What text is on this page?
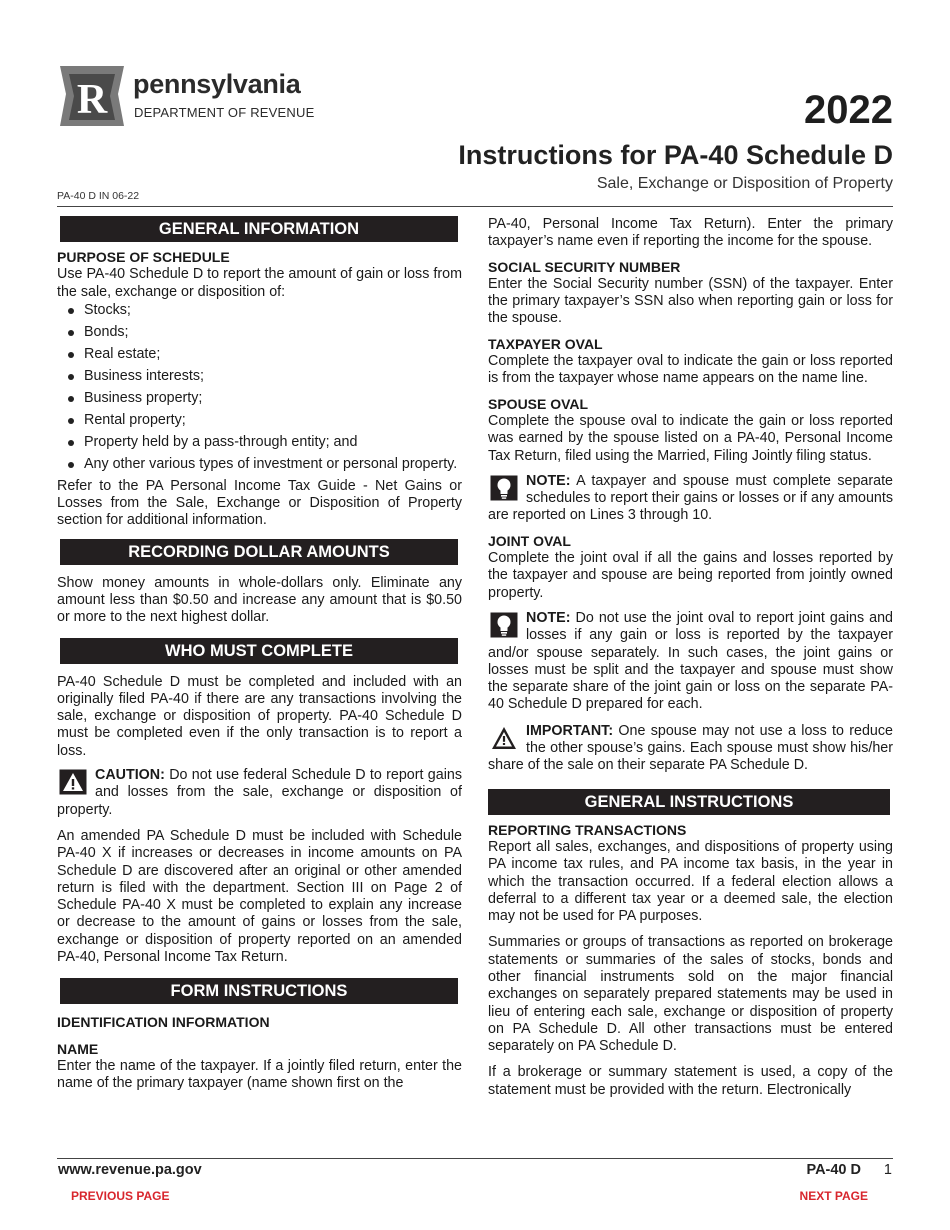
R pennsylvania
DEPARTMENT OF REVENUE	2022
Instructions for PA-40 Schedule D
Sale, Exchange or Disposition of Property
PA-40 D IN 06-22
GENERAL INFORMATION
PURPOSE OF SCHEDULE

Use PA-40 Schedule D to report the amount of gain or loss from the sale, exchange or disposition of:

Stocks;
Bonds;
Real estate;
Business interests;
Business property;
Rental property;
Property held by a pass-through entity; and
Any other various types of investment or personal property.

Refer to the PA Personal Income Tax Guide - Net Gains or Losses from the Sale, Exchange or Disposition of Property section for additional information.

RECORDING DOLLAR AMOUNTS

Show money amounts in whole-dollars only. Eliminate any amount less than $0.50 and increase any amount that is $0.50 or more to the next highest dollar.

WHO MUST COMPLETE

PA-40 Schedule D must be completed and included with an originally filed PA-40 if there are any transactions involving the sale, exchange or disposition of property. PA-40 Schedule D must be completed even if the only transaction is to report a loss.

CAUTION: Do not use federal Schedule D to report gains and losses from the sale, exchange or disposition of property.

An amended PA Schedule D must be included with Schedule PA-40 X if increases or decreases in income amounts on PA Schedule D are discovered after an original or other amended return is filed with the department. Section III on Page 2 of Schedule PA-40 X must be completed to explain any increase or decrease to the amount of gains or losses from the sale, exchange or disposition of property reported on an amended PA-40, Personal Income Tax Return.

FORM INSTRUCTIONS
IDENTIFICATION INFORMATION
NAME

Enter the name of the taxpayer. If a jointly filed return, enter the name of the primary taxpayer (name shown first on the

PA-40, Personal Income Tax Return). Enter the primary taxpayer’s name even if reporting the income for the spouse.

SOCIAL SECURITY NUMBER

Enter the Social Security number (SSN) of the taxpayer. Enter the primary taxpayer’s SSN also when reporting gain or loss for the spouse.

TAXPAYER OVAL

Complete the taxpayer oval to indicate the gain or loss reported is from the taxpayer whose name appears on the name line.

SPOUSE OVAL

Complete the spouse oval to indicate the gain or loss reported was earned by the spouse listed on a PA-40, Personal Income Tax Return, filed using the Married, Filing Jointly filing status.

NOTE: A taxpayer and spouse must complete separate schedules to report their gains or losses or if any amounts are reported on Lines 3 through 10.

JOINT OVAL

Complete the joint oval if all the gains and losses reported by the taxpayer and spouse are being reported from jointly owned property.

NOTE: Do not use the joint oval to report joint gains and losses if any gain or loss is reported by the taxpayer and/or spouse separately. In such cases, the joint gains or losses must be split and the taxpayer and spouse must show the separate share of the joint gain or loss on the separate PA-40 Schedule D prepared for each.

IMPORTANT: One spouse may not use a loss to reduce the other spouse’s gains. Each spouse must show his/her share of the sale on their separate PA Schedule D.

GENERAL INSTRUCTIONS
REPORTING TRANSACTIONS

Report all sales, exchanges, and dispositions of property using PA income tax rules, and PA income tax basis, in the year in which the transaction occurred. If a federal election allows a deferral to a different tax year or a deemed sale, the election may not be used for PA purposes.

Summaries or groups of transactions as reported on brokerage statements or summaries of the sales of stocks, bonds and other financial instruments sold on the major financial exchanges on separately prepared statements may be used in lieu of entering each sale, exchange or disposition of property on PA Schedule D. All other transactions must be entered separately on PA Schedule D.

If a brokerage or summary statement is used, a copy of the statement must be provided with the return. Electronically

www.revenue.pa.gov	PA-40 D 1
PREVIOUS PAGE	NEXT PAGE
